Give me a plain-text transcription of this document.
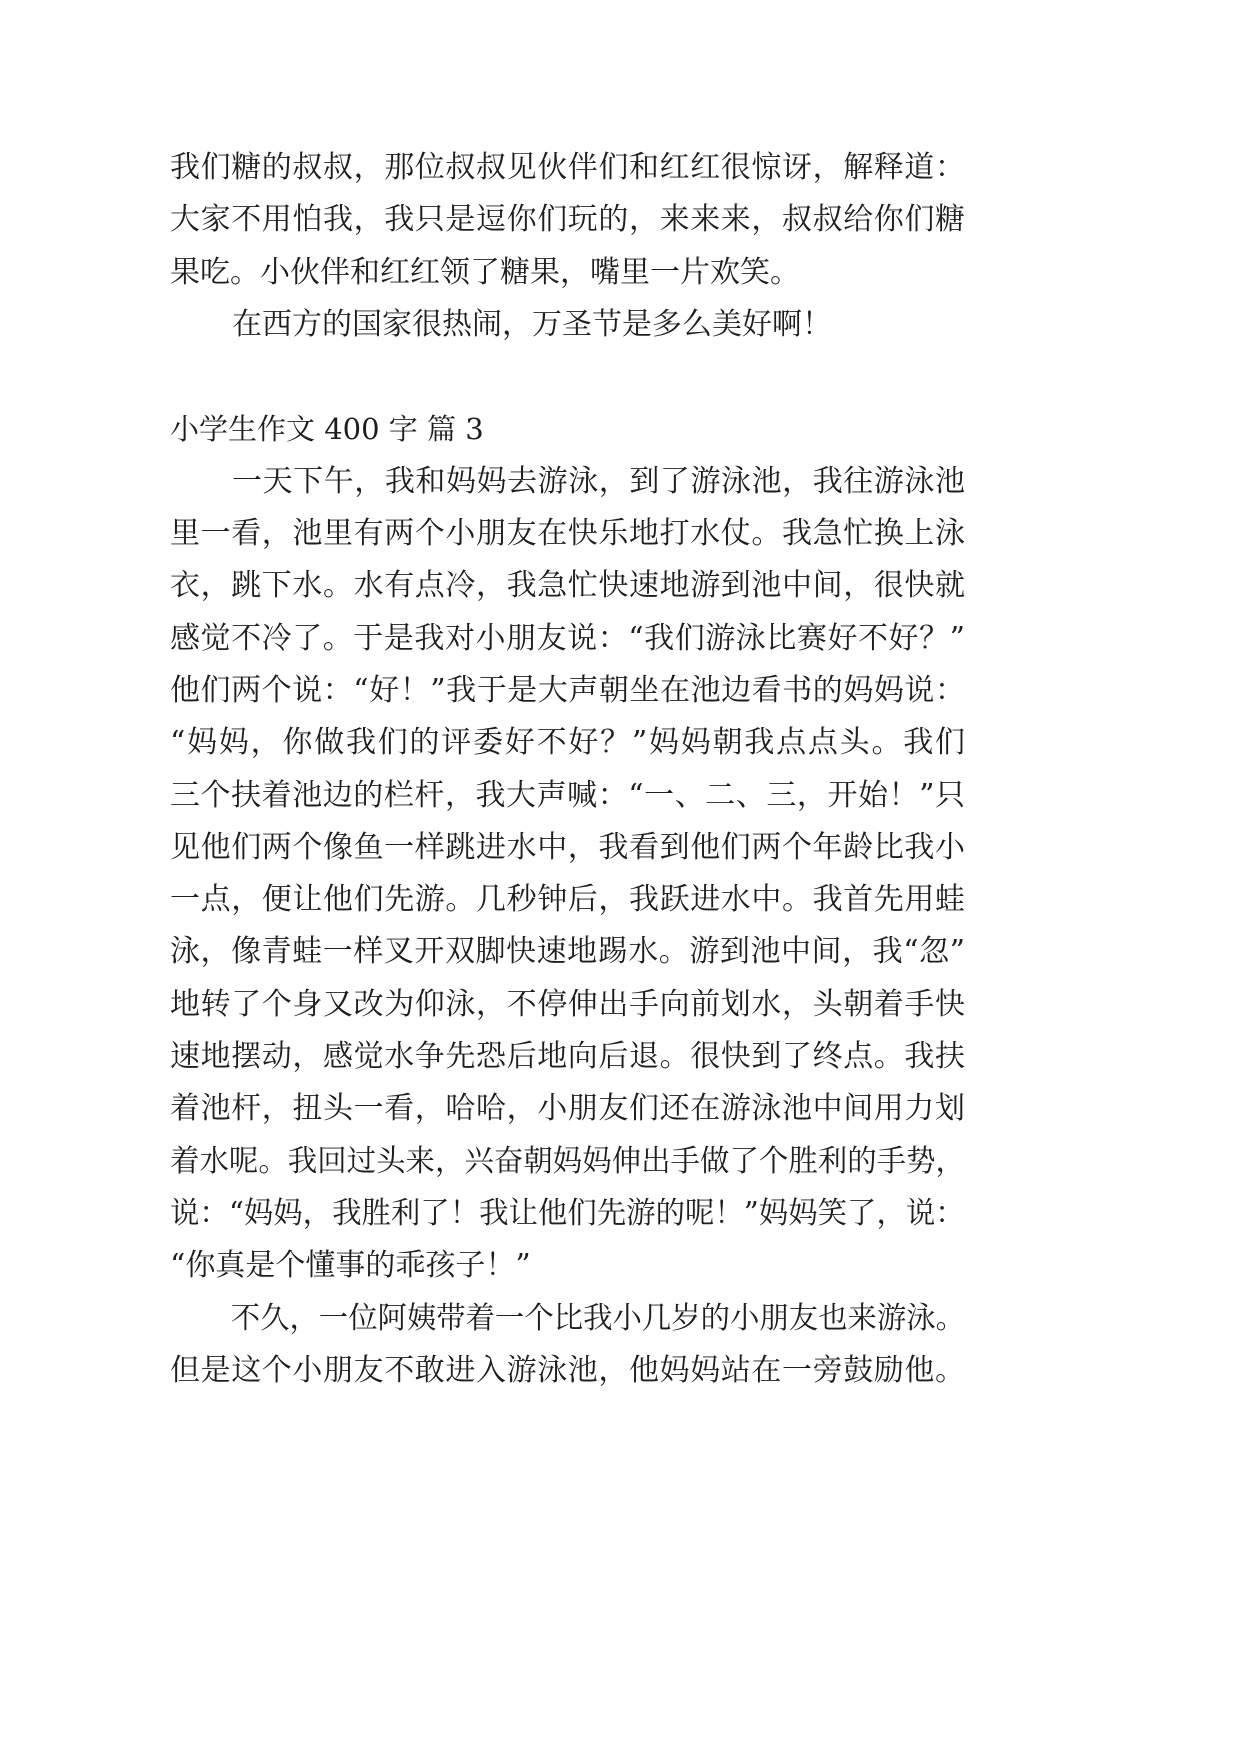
我们糖的叔叔，那位叔叔见伙伴们和红红很惊讶，解释道：
大家不用怕我，我只是逗你们玩的，来来来，叔叔给你们糖
果吃。小伙伴和红红领了糖果，嘴里一片欢笑。
在西方的国家很热闹，万圣节是多么美好啊！
小学生作文 400 字 篇 3
一天下午，我和妈妈去游泳，到了游泳池，我往游泳池
里一看，池里有两个小朋友在快乐地打水仗。我急忙换上泳
衣，跳下水。水有点冷，我急忙快速地游到池中间，很快就
感觉不冷了。于是我对小朋友说：“我们游泳比赛好不好？”
他们两个说：“好！”我于是大声朝坐在池边看书的妈妈说：
“妈妈，你做我们的评委好不好？”妈妈朝我点点头。我们
三个扶着池边的栏杆，我大声喊：“一、二、三，开始！”只
见他们两个像鱼一样跳进水中，我看到他们两个年龄比我小
一点，便让他们先游。几秒钟后，我跃进水中。我首先用蛙
泳，像青蛙一样叉开双脚快速地踢水。游到池中间，我“忽”
地转了个身又改为仰泳，不停伸出手向前划水，头朝着手快
速地摆动，感觉水争先恐后地向后退。很快到了终点。我扶
着池杆，扭头一看，哈哈，小朋友们还在游泳池中间用力划
着水呢。我回过头来，兴奋朝妈妈伸出手做了个胜利的手势，
说：“妈妈，我胜利了！我让他们先游的呢！”妈妈笑了，说：
“你真是个懂事的乖孩子！”
不久，一位阿姨带着一个比我小几岁的小朋友也来游泳。
但是这个小朋友不敢进入游泳池，他妈妈站在一旁鼓励他。
